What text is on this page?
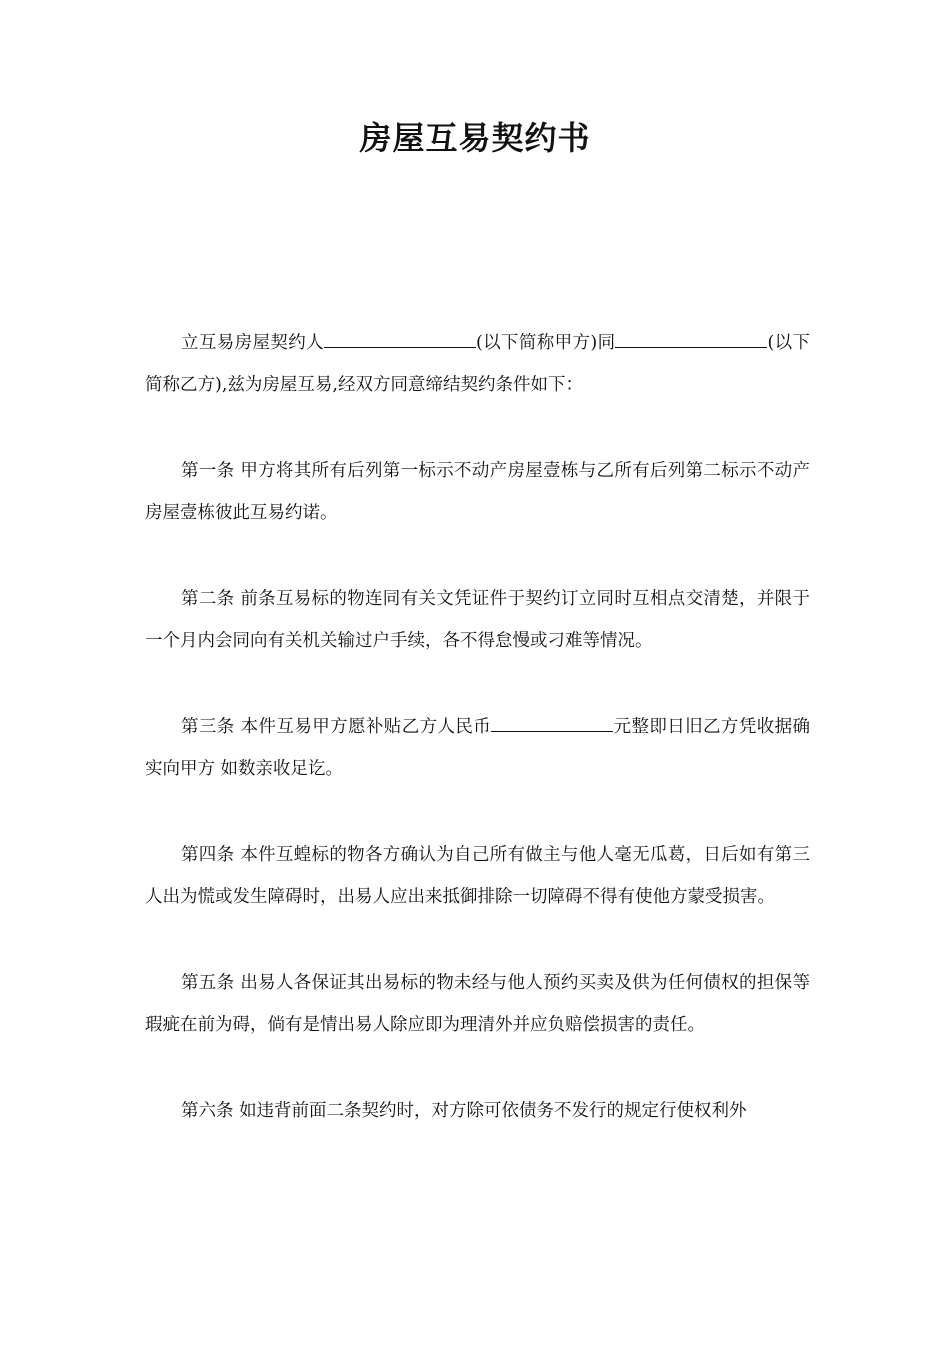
房屋互易契约书

立互易房屋契约人	(以下简称甲方)同	(以下简称乙方),兹为房屋互易,经双方同意缔结契约条件如下：

第一条 甲方将其所有后列第一标示不动产房屋壹栋与乙所有后列第二标示不动产房屋壹栋彼此互易约诺。

第二条 前条互易标的物连同有关文凭证件于契约订立同时互相点交清楚，并限于一个月内会同向有关机关输过户手续，各不得怠慢或刁难等情况。

第三条 本件互易甲方愿补贴乙方人民币	元整即日旧乙方凭收据确实向甲方 如数亲收足讫。

第四条 本件互蝗标的物各方确认为自己所有做主与他人毫无瓜葛，日后如有第三人出为慌或发生障碍时，出易人应出来抵御排除一切障碍不得有使他方蒙受损害。

第五条 出易人各保证其出易标的物未经与他人预约买卖及供为任何债权的担保等瑕疵在前为碍，倘有是情出易人除应即为理清外并应负赔偿损害的责任。

第六条 如违背前面二条契约时，对方除可依债务不发行的规定行使权利外
